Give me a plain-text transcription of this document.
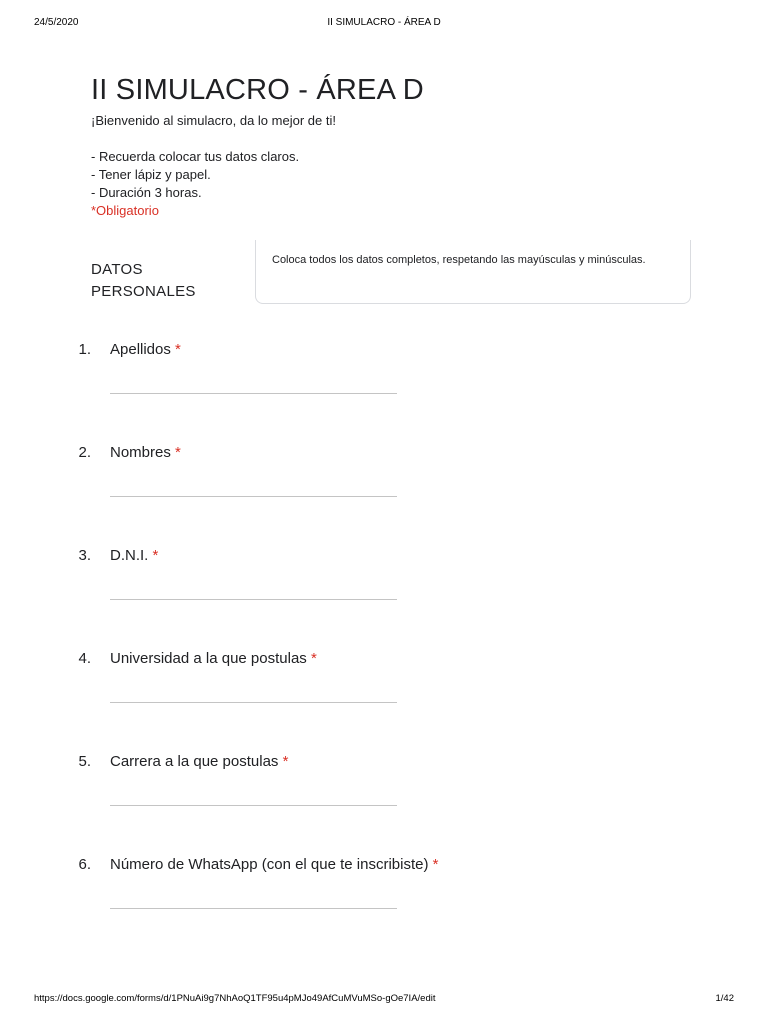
24/5/2020	II SIMULACRO - ÁREA D
II SIMULACRO - ÁREA D
¡Bienvenido al simulacro, da lo mejor de ti!
- Recuerda colocar tus datos claros.
- Tener lápiz y papel.
- Duración 3 horas.
*Obligatorio
DATOS
PERSONALES
Coloca todos los datos completos, respetando las mayúsculas y minúsculas.
1. Apellidos *
2. Nombres *
3. D.N.I. *
4. Universidad a la que postulas *
5. Carrera a la que postulas *
6. Número de WhatsApp (con el que te inscribiste) *
https://docs.google.com/forms/d/1PNuAi9g7NhAoQ1TF95u4pMJo49AfCuMVuMSo-gOe7IA/edit	1/42
